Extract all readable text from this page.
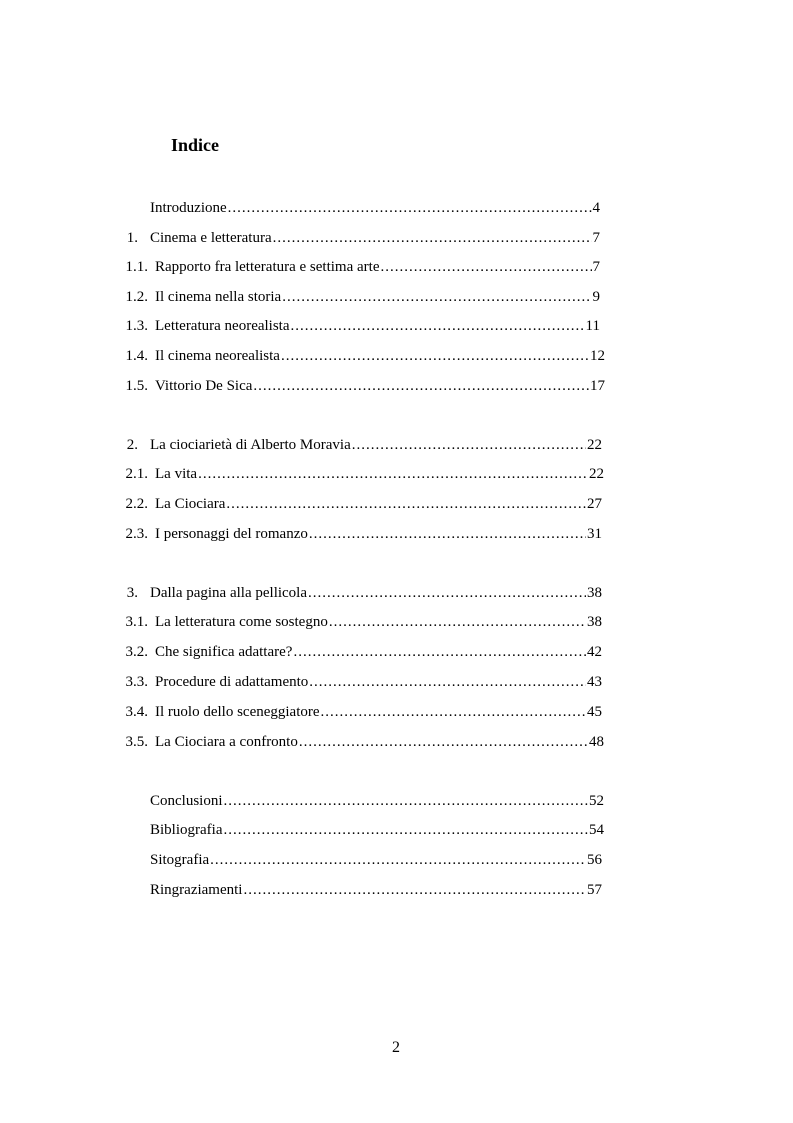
Indice
Introduzione .....	4
1. Cinema e letteratura .....	7
1.1. Rapporto fra letteratura e settima arte .....	7
1.2. Il cinema nella storia .....	9
1.3. Letteratura neorealista .....	11
1.4. Il cinema neorealista .....	12
1.5. Vittorio De Sica .....	17
2. La ciociarietà di Alberto Moravia .....	22
2.1. La vita .....	22
2.2. La Ciociara .....	27
2.3. I personaggi del romanzo .....	31
3. Dalla pagina alla pellicola .....	38
3.1. La letteratura come sostegno .....	38
3.2. Che significa adattare? .....	42
3.3. Procedure di adattamento .....	43
3.4. Il ruolo dello sceneggiatore .....	45
3.5. La Ciociara a confronto .....	48
Conclusioni .....	52
Bibliografia .....	54
Sitografia .....	56
Ringraziamenti .....	57
2
